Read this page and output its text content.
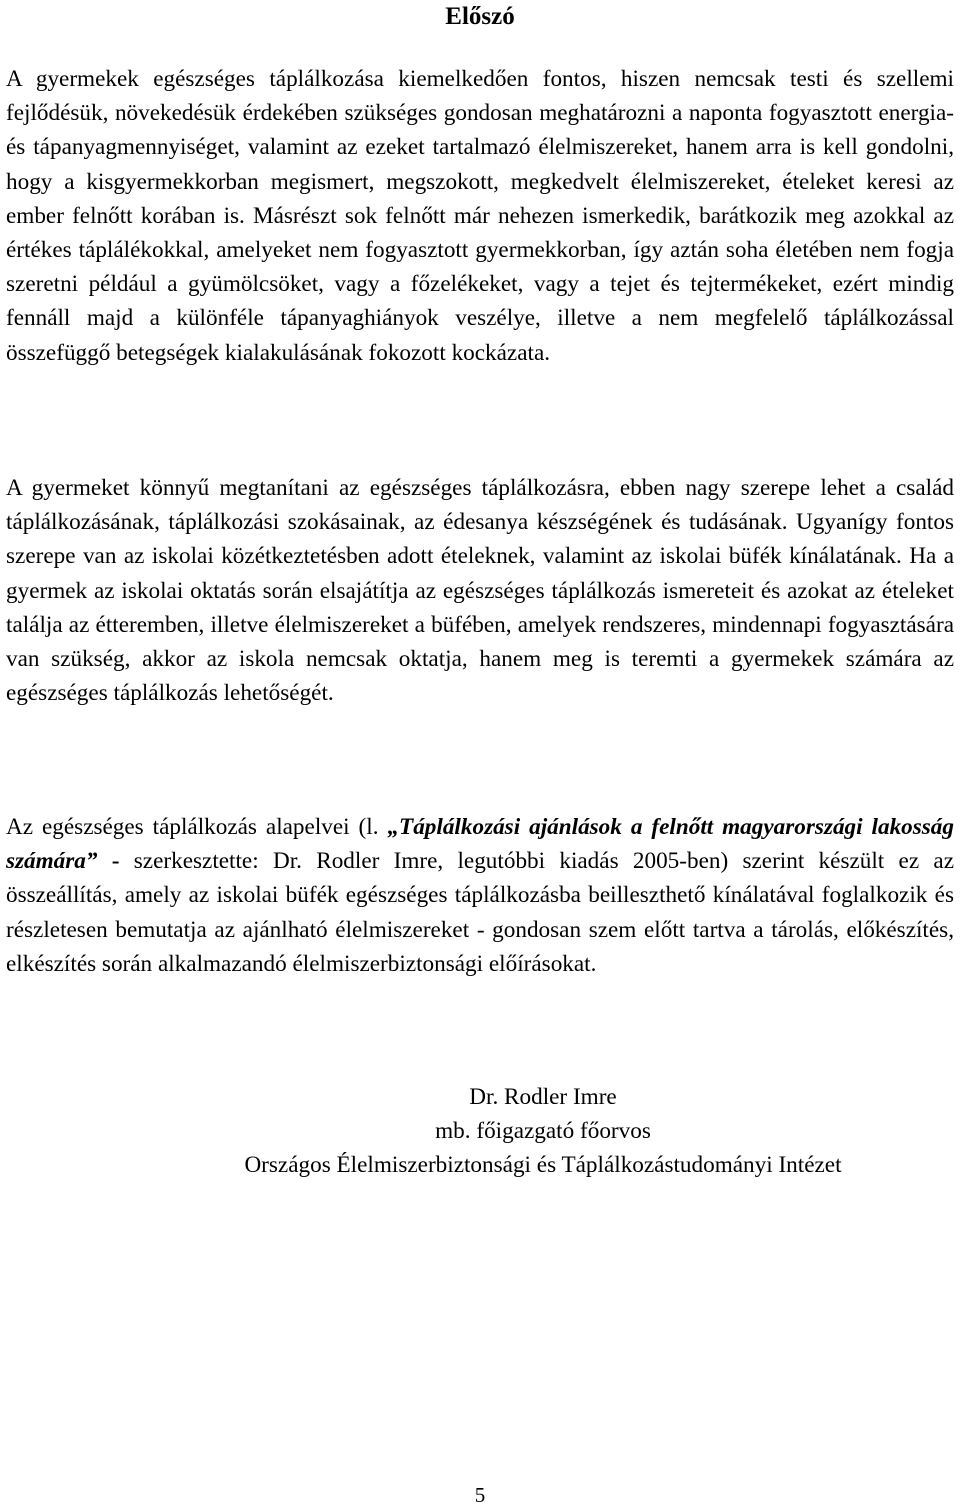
Előszó

A gyermekek egészséges táplálkozása kiemelkedően fontos, hiszen nemcsak testi és szellemi fejlődésük, növekedésük érdekében szükséges gondosan meghatározni a naponta fogyasztott energia- és tápanyagmennyiséget, valamint az ezeket tartalmazó élelmiszereket, hanem arra is kell gondolni, hogy a kisgyermekkorban megismert, megszokott, megkedvelt élelmiszereket, ételeket keresi az ember felnőtt korában is. Másrészt sok felnőtt már nehezen ismerkedik, barátkozik meg azokkal az értékes táplálékokkal, amelyeket nem fogyasztott gyermekkorban, így aztán soha életében nem fogja szeretni például a gyümölcsöket, vagy a főzelékeket, vagy a tejet és tejtermékeket, ezért mindig fennáll majd a különféle tápanyaghiányok veszélye, illetve a nem megfelelő táplálkozással összefüggő betegségek kialakulásának fokozott kockázata.

A gyermeket könnyű megtanítani az egészséges táplálkozásra, ebben nagy szerepe lehet a család táplálkozásának, táplálkozási szokásainak, az édesanya készségének és tudásának. Ugyanígy fontos szerepe van az iskolai közétkeztetésben adott ételeknek, valamint az iskolai büfék kínálatának. Ha a gyermek az iskolai oktatás során elsajátítja az egészséges táplálkozás ismereteit és azokat az ételeket találja az étteremben, illetve élelmiszereket a büfében, amelyek rendszeres, mindennapi fogyasztására van szükség, akkor az iskola nemcsak oktatja, hanem meg is teremti a gyermekek számára az egészséges táplálkozás lehetőségét.

Az egészséges táplálkozás alapelvei (l. „Táplálkozási ajánlások a felnőtt magyarországi lakosság számára” - szerkesztette: Dr. Rodler Imre, legutóbbi kiadás 2005-ben) szerint készült ez az összeállítás, amely az iskolai büfék egészséges táplálkozásba beilleszthető kínálatával foglalkozik és részletesen bemutatja az ajánlható élelmiszereket - gondosan szem előtt tartva a tárolás, előkészítés, elkészítés során alkalmazandó élelmiszerbiztonsági előírásokat.

Dr. Rodler Imre
mb. főigazgató főorvos
Országos Élelmiszerbiztonsági és Táplálkozástudományi Intézet
5
